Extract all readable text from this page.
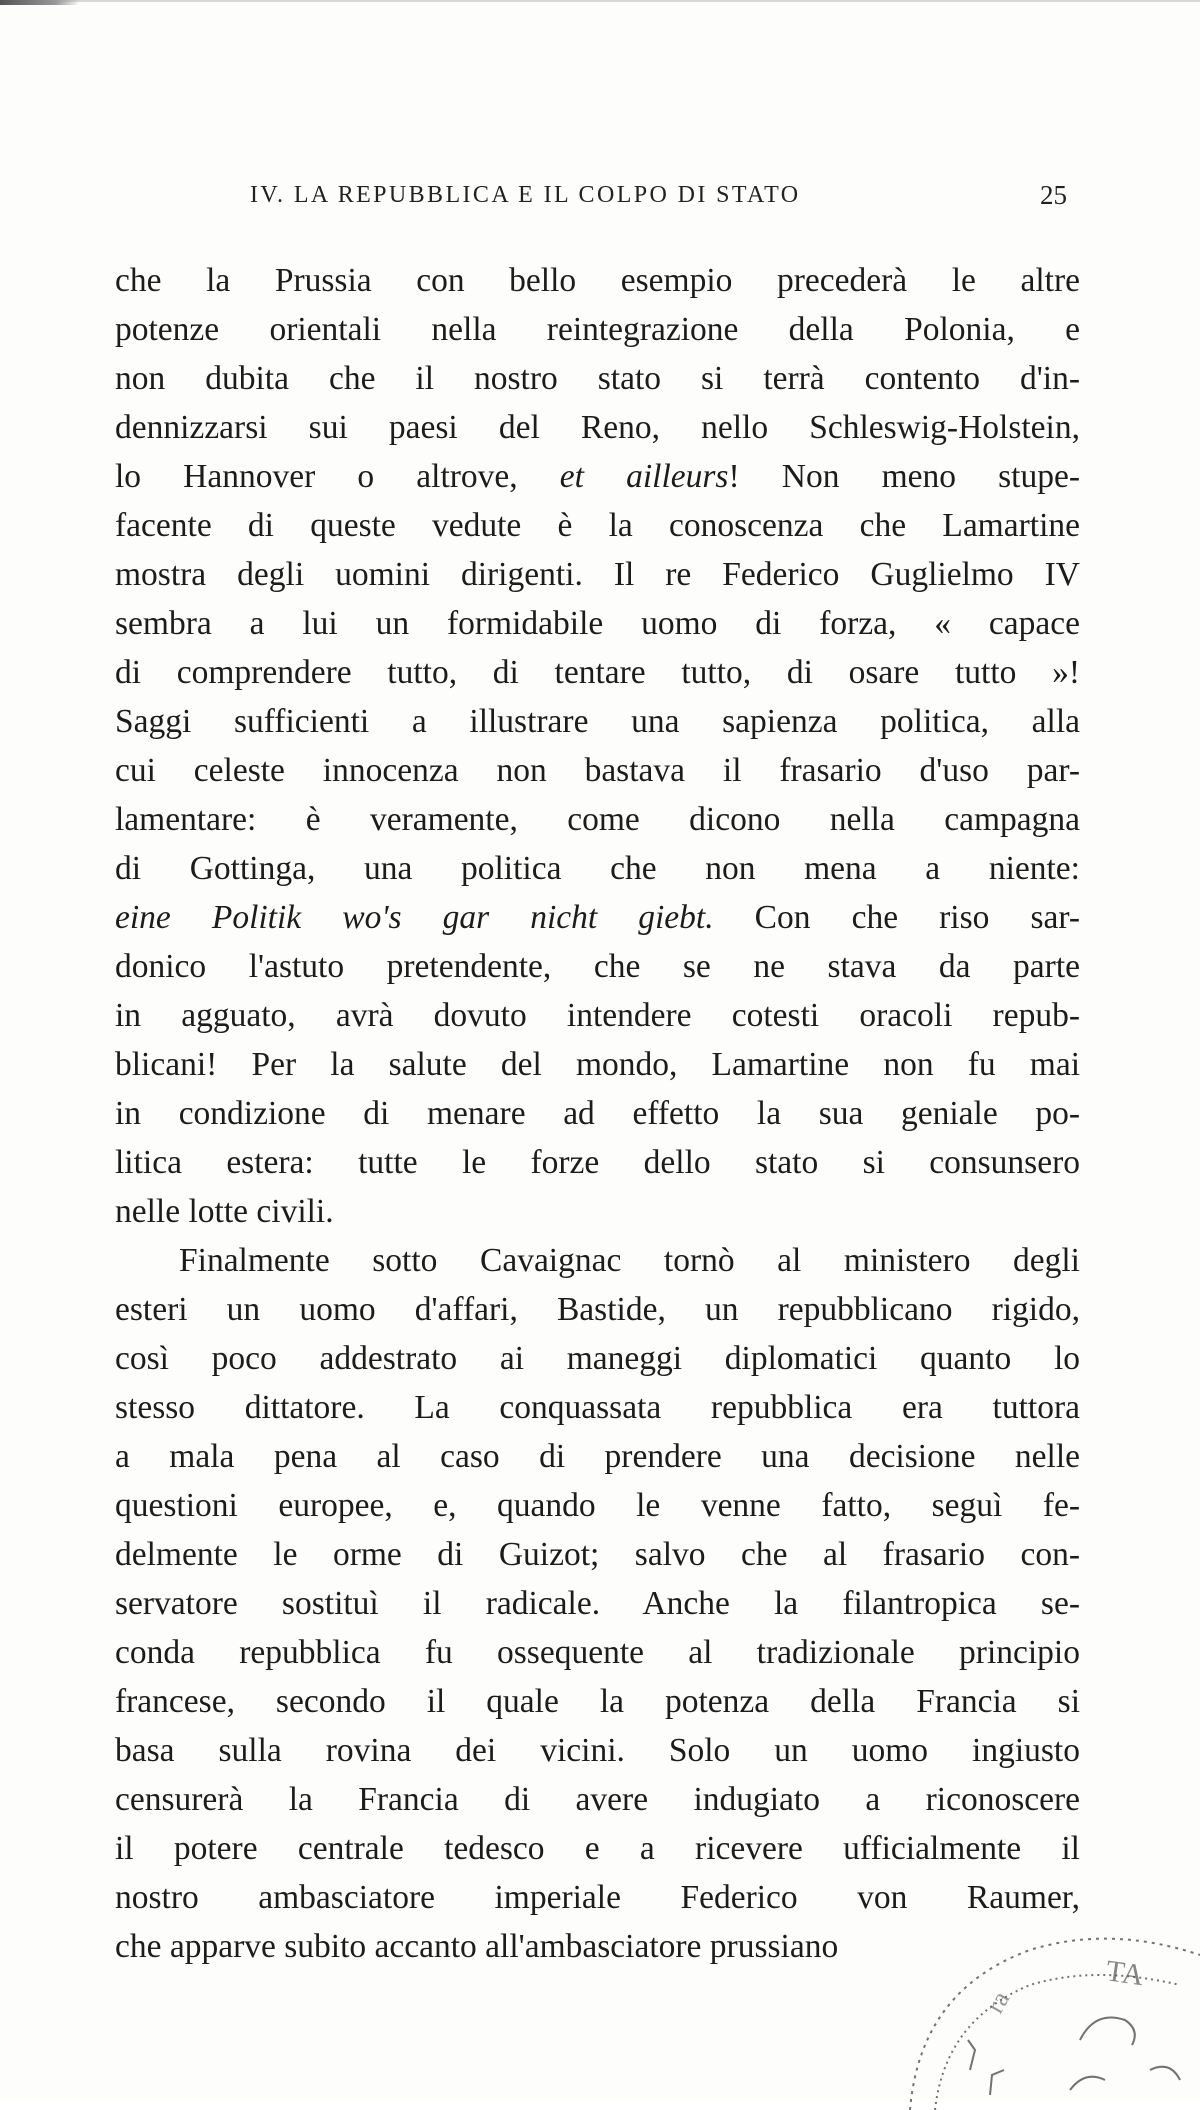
IV. LA REPUBBLICA E IL COLPO DI STATO	25
che la Prussia con bello esempio precederà le altre
potenze orientali nella reintegrazione della Polonia, e
non dubita che il nostro stato si terrà contento d'in-
dennizzarsi sui paesi del Reno, nello Schleswig-Holstein,
lo Hannover o altrove, et ailleurs! Non meno stupe-
facente di queste vedute è la conoscenza che Lamartine
mostra degli uomini dirigenti. Il re Federico Guglielmo IV
sembra a lui un formidabile uomo di forza, « capace
di comprendere tutto, di tentare tutto, di osare tutto »!
Saggi sufficienti a illustrare una sapienza politica, alla
cui celeste innocenza non bastava il frasario d'uso par-
lamentare: è veramente, come dicono nella campagna
di Gottinga, una politica che non mena a niente:
eine Politik wo's gar nicht giebt. Con che riso sar-
donico l'astuto pretendente, che se ne stava da parte
in agguato, avrà dovuto intendere cotesti oracoli repub-
blicani! Per la salute del mondo, Lamartine non fu mai
in condizione di menare ad effetto la sua geniale po-
litica estera: tutte le forze dello stato si consunsero
nelle lotte civili.
Finalmente sotto Cavaignac tornò al ministero degli
esteri un uomo d'affari, Bastide, un repubblicano rigido,
così poco addestrato ai maneggi diplomatici quanto lo
stesso dittatore. La conquassata repubblica era tuttora
a mala pena al caso di prendere una decisione nelle
questioni europee, e, quando le venne fatto, seguì fe-
delmente le orme di Guizot; salvo che al frasario con-
servatore sostituì il radicale. Anche la filantropica se-
conda repubblica fu ossequente al tradizionale principio
francese, secondo il quale la potenza della Francia si
basa sulla rovina dei vicini. Solo un uomo ingiusto
censurerà la Francia di avere indugiato a riconoscere
il potere centrale tedesco e a ricevere ufficialmente il
nostro ambasciatore imperiale Federico von Raumer,
che apparve subito accanto all'ambasciatore prussiano
TA
ra
